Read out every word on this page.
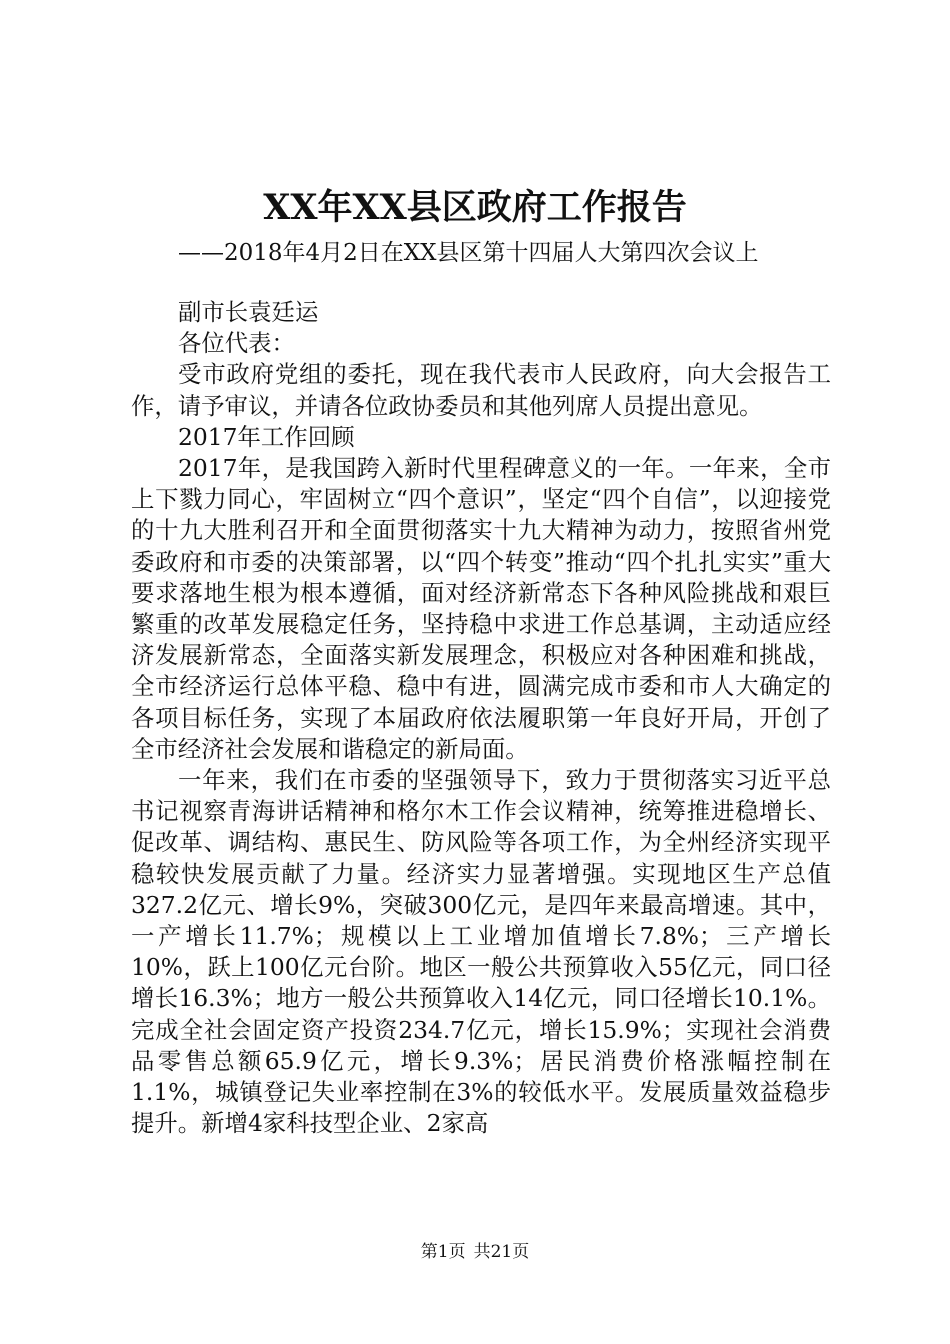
XX年XX县区政府工作报告

——2018年4月2日在XX县区第十四届人大第四次会议上

副市长袁廷运

各位代表：

受市政府党组的委托，现在我代表市人民政府，向大会报告工作，请予审议，并请各位政协委员和其他列席人员提出意见。

2017年工作回顾

2017年，是我国跨入新时代里程碑意义的一年。一年来，全市上下戮力同心，牢固树立“四个意识”，坚定“四个自信”，以迎接党的十九大胜利召开和全面贯彻落实十九大精神为动力，按照省州党委政府和市委的决策部署，以“四个转变”推动“四个扎扎实实”重大要求落地生根为根本遵循，面对经济新常态下各种风险挑战和艰巨繁重的改革发展稳定任务，坚持稳中求进工作总基调，主动适应经济发展新常态，全面落实新发展理念，积极应对各种困难和挑战，全市经济运行总体平稳、稳中有进，圆满完成市委和市人大确定的各项目标任务，实现了本届政府依法履职第一年良好开局，开创了全市经济社会发展和谐稳定的新局面。

一年来，我们在市委的坚强领导下，致力于贯彻落实习近平总书记视察青海讲话精神和格尔木工作会议精神，统筹推进稳增长、促改革、调结构、惠民生、防风险等各项工作，为全州经济实现平稳较快发展贡献了力量。经济实力显著增强。实现地区生产总值327.2亿元、增长9%，突破300亿元，是四年来最高增速。其中，一产增长11.7%；规模以上工业增加值增长7.8%；三产增长10%，跃上100亿元台阶。地区一般公共预算收入55亿元，同口径增长16.3%；地方一般公共预算收入14亿元，同口径增长10.1%。完成全社会固定资产投资234.7亿元，增长15.9%；实现社会消费品零售总额65.9亿元，增长9.3%；居民消费价格涨幅控制在1.1%，城镇登记失业率控制在3%的较低水平。发展质量效益稳步提升。新增4家科技型企业、2家高

第1页 共21页
